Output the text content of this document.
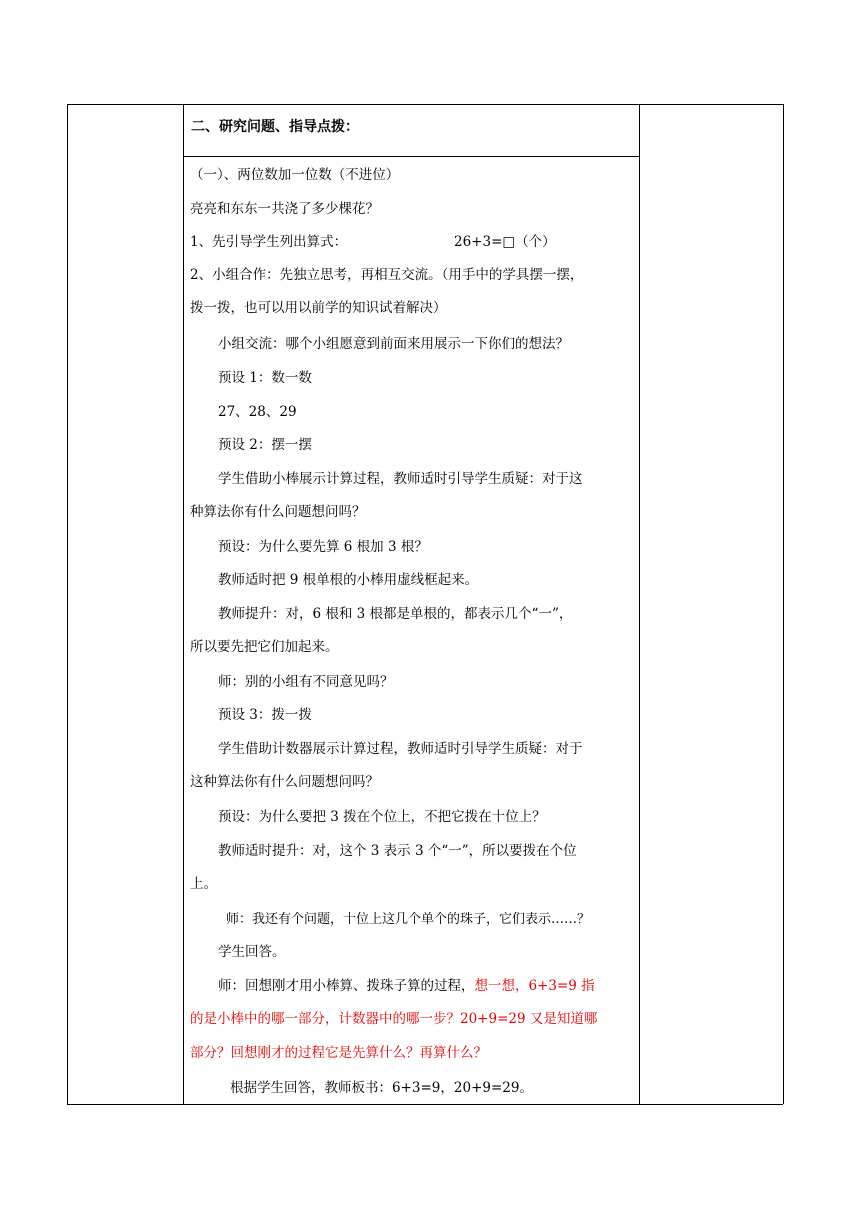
二、研究问题、指导点拨：
（一）、两位数加一位数（不进位）
亮亮和东东一共浇了多少棵花？
1、先引导学生列出算式：	26+3=□（个）
2、小组合作：先独立思考，再相互交流。（用手中的学具摆一摆，
拨一拨，也可以用以前学的知识试着解决）
小组交流：哪个小组愿意到前面来用展示一下你们的想法？
预设 1：数一数
27、28、29
预设 2：摆一摆
学生借助小棒展示计算过程，教师适时引导学生质疑：对于这
种算法你有什么问题想问吗？
预设：为什么要先算 6 根加 3 根？
教师适时把 9 根单根的小棒用虚线框起来。
教师提升：对，6 根和 3 根都是单根的，都表示几个“一”，
所以要先把它们加起来。
师：别的小组有不同意见吗？
预设 3：拨一拨
学生借助计数器展示计算过程，教师适时引导学生质疑：对于
这种算法你有什么问题想问吗？
预设：为什么要把 3 拨在个位上，不把它拨在十位上？
教师适时提升：对，这个 3 表示 3 个“一”，所以要拨在个位
上。
师：我还有个问题，十位上这几个单个的珠子，它们表示……？
学生回答。
师：回想刚才用小棒算、拨珠子算的过程，想一想，6+3=9 指
的是小棒中的哪一部分，计数器中的哪一步？20+9=29 又是知道哪
部分？回想刚才的过程它是先算什么？再算什么？
根据学生回答，教师板书：6+3=9，20+9=29。
